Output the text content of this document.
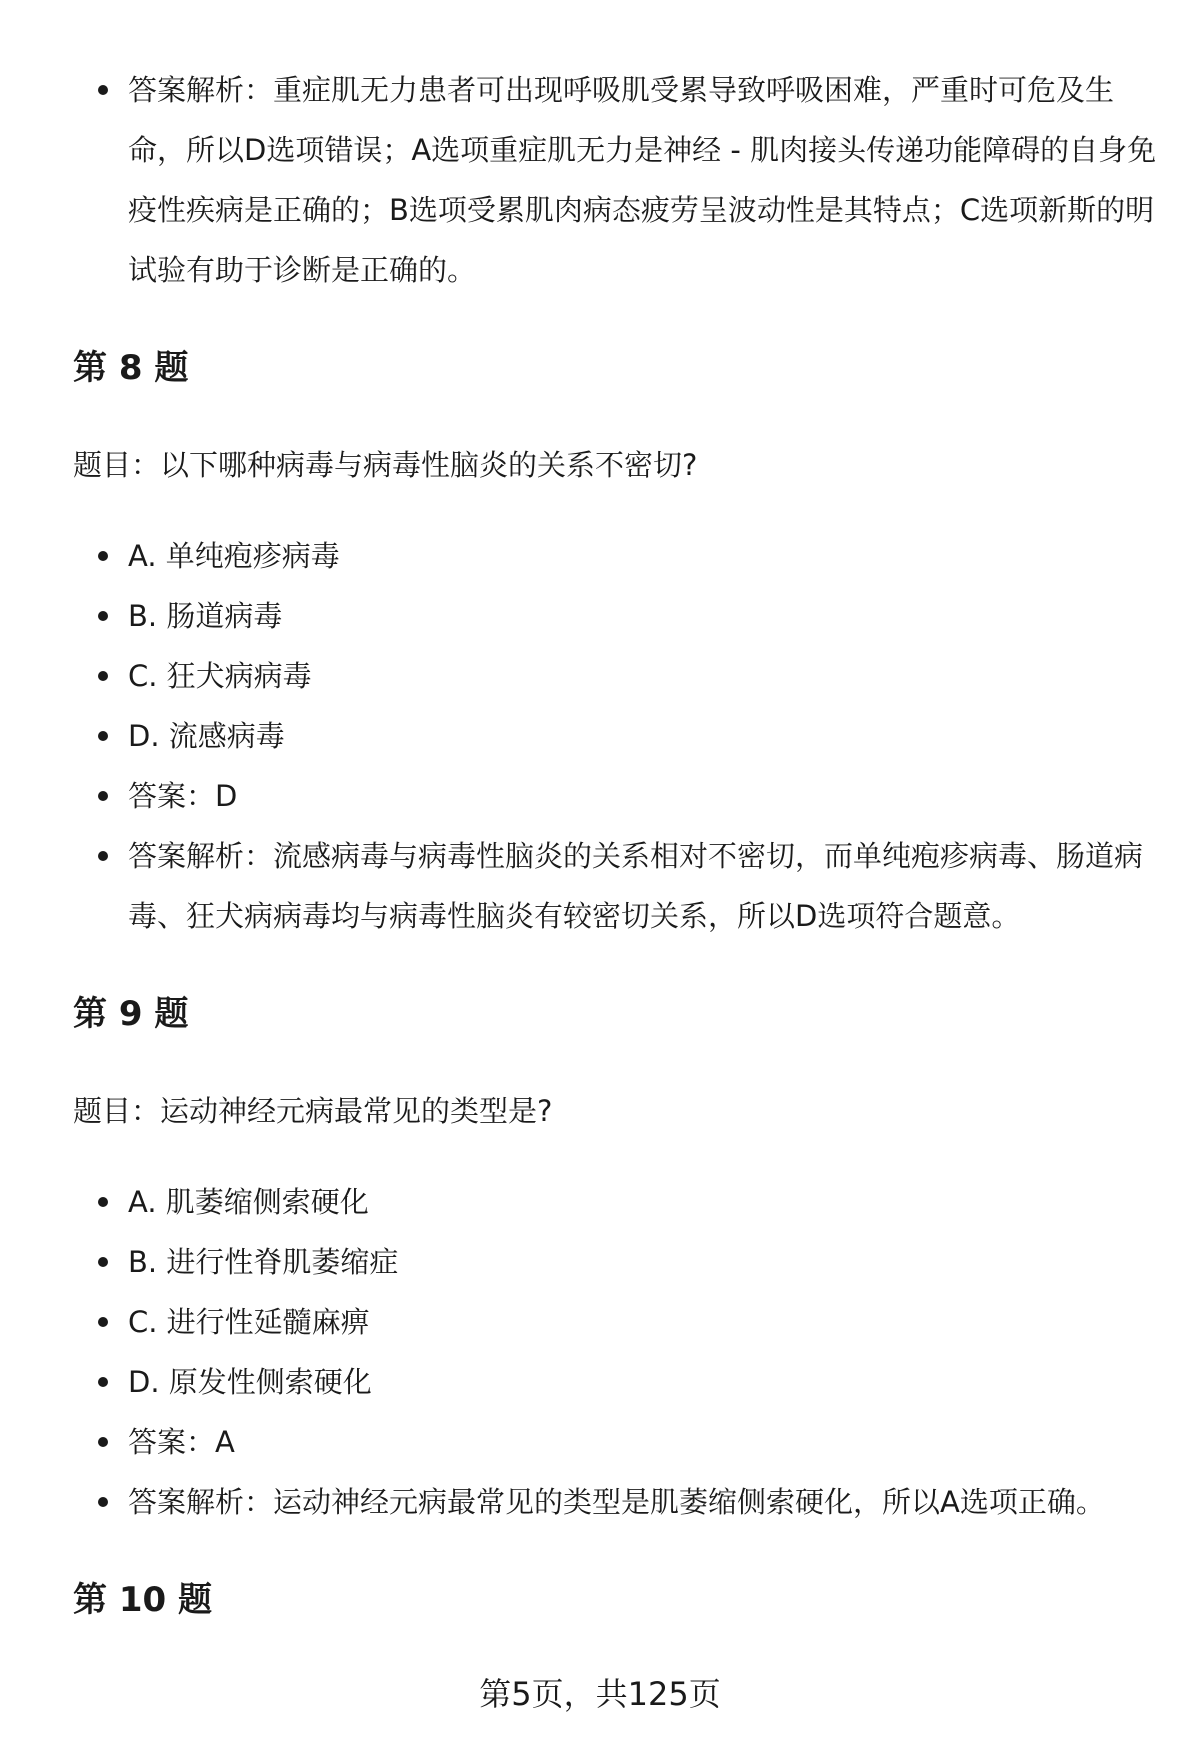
答案解析：重症肌无力患者可出现呼吸肌受累导致呼吸困难，严重时可危及生命，所以D选项错误；A选项重症肌无力是神经 - 肌肉接头传递功能障碍的自身免疫性疾病是正确的；B选项受累肌肉病态疲劳呈波动性是其特点；C选项新斯的明试验有助于诊断是正确的。
第 8 题
题目：以下哪种病毒与病毒性脑炎的关系不密切?
A. 单纯疱疹病毒
B. 肠道病毒
C. 狂犬病病毒
D. 流感病毒
答案：D
答案解析：流感病毒与病毒性脑炎的关系相对不密切，而单纯疱疹病毒、肠道病毒、狂犬病病毒均与病毒性脑炎有较密切关系，所以D选项符合题意。
第 9 题
题目：运动神经元病最常见的类型是?
A. 肌萎缩侧索硬化
B. 进行性脊肌萎缩症
C. 进行性延髓麻痹
D. 原发性侧索硬化
答案：A
答案解析：运动神经元病最常见的类型是肌萎缩侧索硬化，所以A选项正确。
第 10 题
第5页，共125页
